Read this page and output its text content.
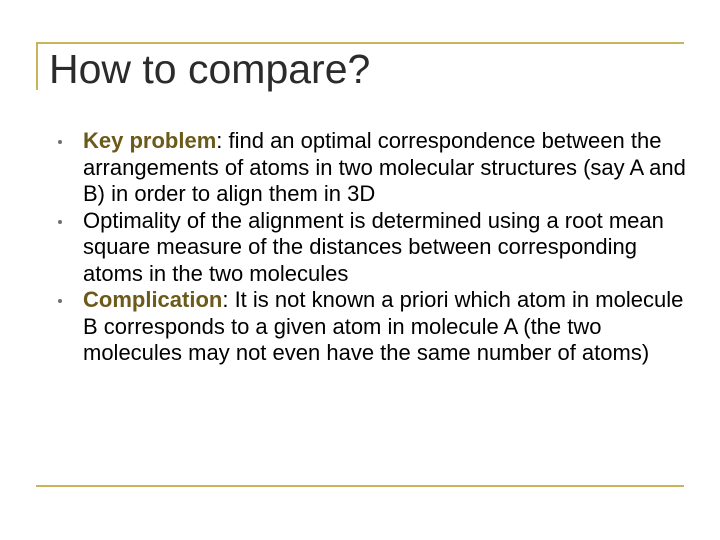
How to compare?
Key problem: find an optimal correspondence between the arrangements of atoms in two molecular structures (say A and B) in order to align them in 3D
Optimality of the alignment is determined using a root mean square measure of the distances between corresponding atoms in the two molecules
Complication: It is not known a priori which atom in molecule B corresponds to a given atom in molecule A (the two molecules may not even have the same number of atoms)
